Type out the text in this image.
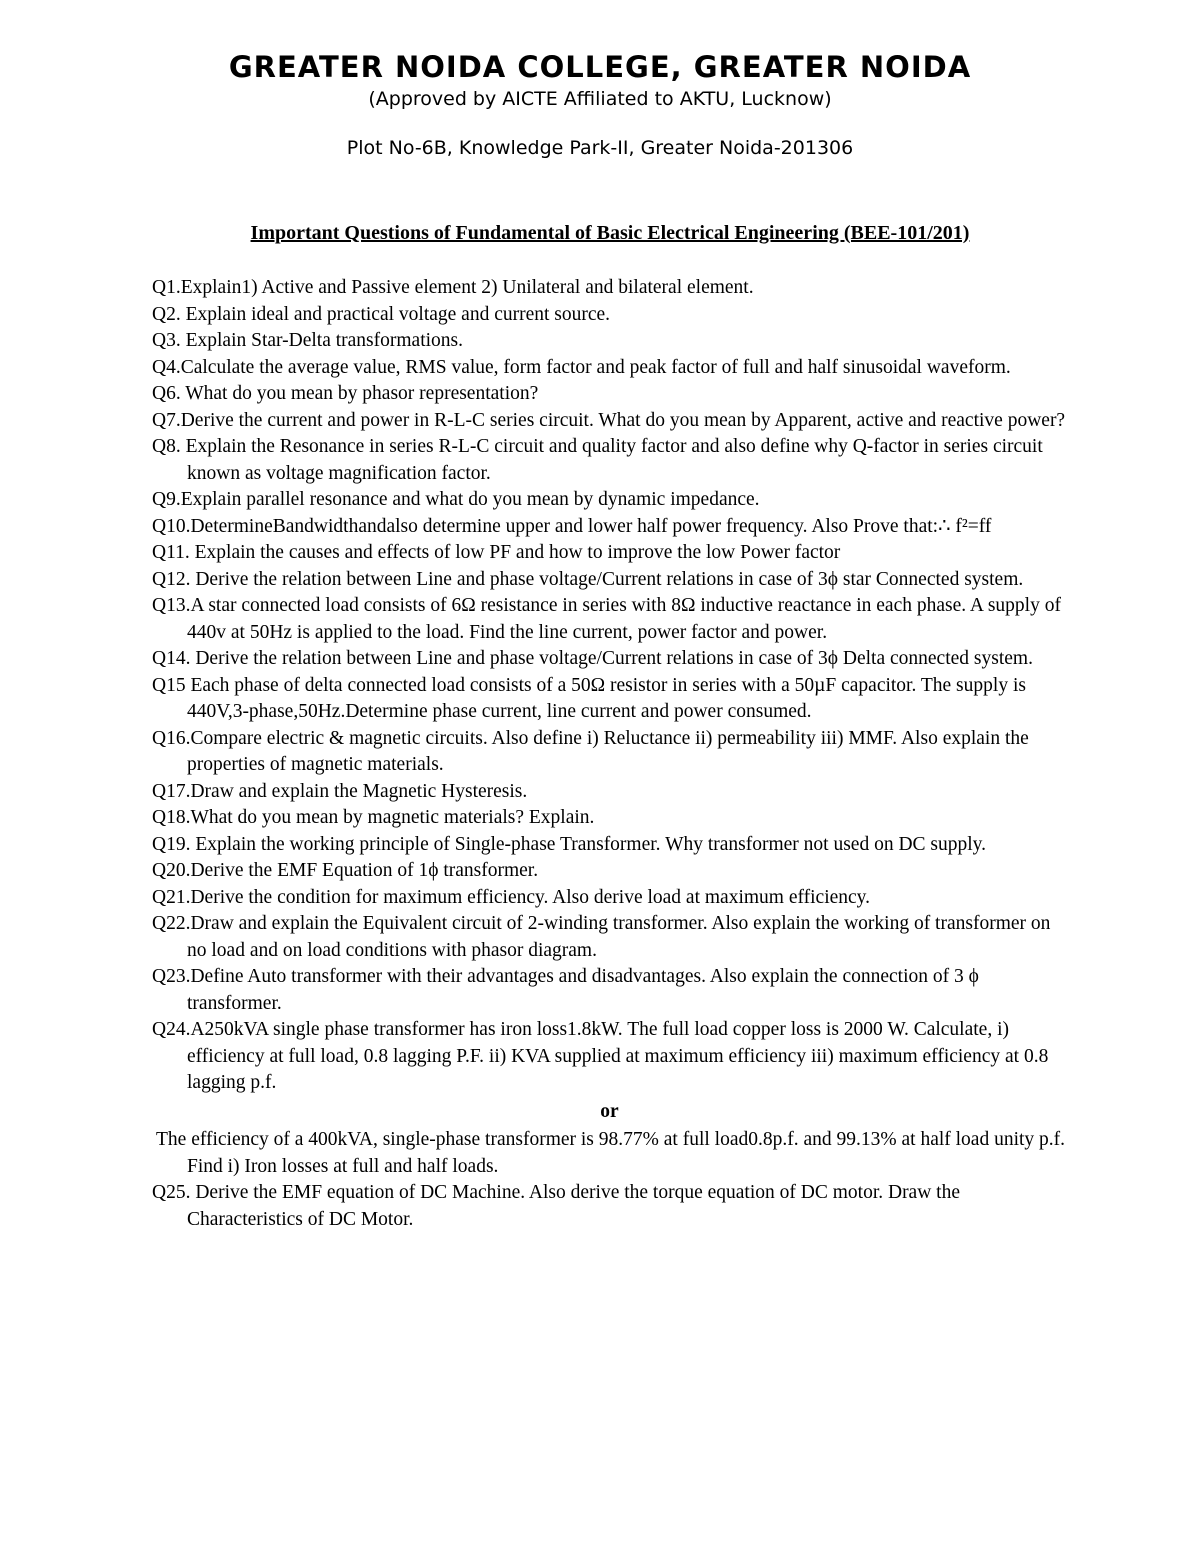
GREATER NOIDA COLLEGE, GREATER NOIDA
(Approved by AICTE Affiliated to AKTU, Lucknow)
Plot No-6B, Knowledge Park-II, Greater Noida-201306
Important Questions of Fundamental of Basic Electrical Engineering (BEE-101/201)
Q1.Explain1) Active and Passive element 2) Unilateral and bilateral element.
Q2. Explain ideal and practical voltage and current source.
Q3. Explain Star-Delta transformations.
Q4.Calculate the average value, RMS value, form factor and peak factor of full and half sinusoidal waveform.
Q6. What do you mean by phasor representation?
Q7.Derive the current and power in R-L-C series circuit. What do you mean by Apparent, active and reactive power?
Q8. Explain the Resonance in series R-L-C circuit and quality factor and also define why Q-factor in series circuit known as voltage magnification factor.
Q9.Explain parallel resonance and what do you mean by dynamic impedance.
Q10.DetermineBandwidthandalso determine upper and lower half power frequency. Also Prove that:∴ f²=ff
Q11. Explain the causes and effects of low PF and how to improve the low Power factor
Q12. Derive the relation between Line and phase voltage/Current relations in case of 3ϕ star Connected system.
Q13.A star connected load consists of 6Ω resistance in series with 8Ω inductive reactance in each phase. A supply of 440v at 50Hz is applied to the load. Find the line current, power factor and power.
Q14. Derive the relation between Line and phase voltage/Current relations in case of 3ϕ Delta connected system.
Q15 Each phase of delta connected load consists of a 50Ω resistor in series with a 50µF capacitor. The supply is 440V,3-phase,50Hz.Determine phase current, line current and power consumed.
Q16.Compare electric & magnetic circuits. Also define i) Reluctance ii) permeability iii) MMF. Also explain the properties of magnetic materials.
Q17.Draw and explain the Magnetic Hysteresis.
Q18.What do you mean by magnetic materials? Explain.
Q19. Explain the working principle of Single-phase Transformer. Why transformer not used on DC supply.
Q20.Derive the EMF Equation of 1ϕ transformer.
Q21.Derive the condition for maximum efficiency. Also derive load at maximum efficiency.
Q22.Draw and explain the Equivalent circuit of 2-winding transformer. Also explain the working of transformer on no load and on load conditions with phasor diagram.
Q23.Define Auto transformer with their advantages and disadvantages. Also explain the connection of 3 ϕ transformer.
Q24.A250kVA single phase transformer has iron loss1.8kW. The full load copper loss is 2000 W. Calculate, i) efficiency at full load, 0.8 lagging P.F. ii) KVA supplied at maximum efficiency iii) maximum efficiency at 0.8 lagging p.f.
or
The efficiency of a 400kVA, single-phase transformer is 98.77% at full load0.8p.f. and 99.13% at half load unity p.f. Find i) Iron losses at full and half loads.
Q25. Derive the EMF equation of DC Machine. Also derive the torque equation of DC motor. Draw the Characteristics of DC Motor.
